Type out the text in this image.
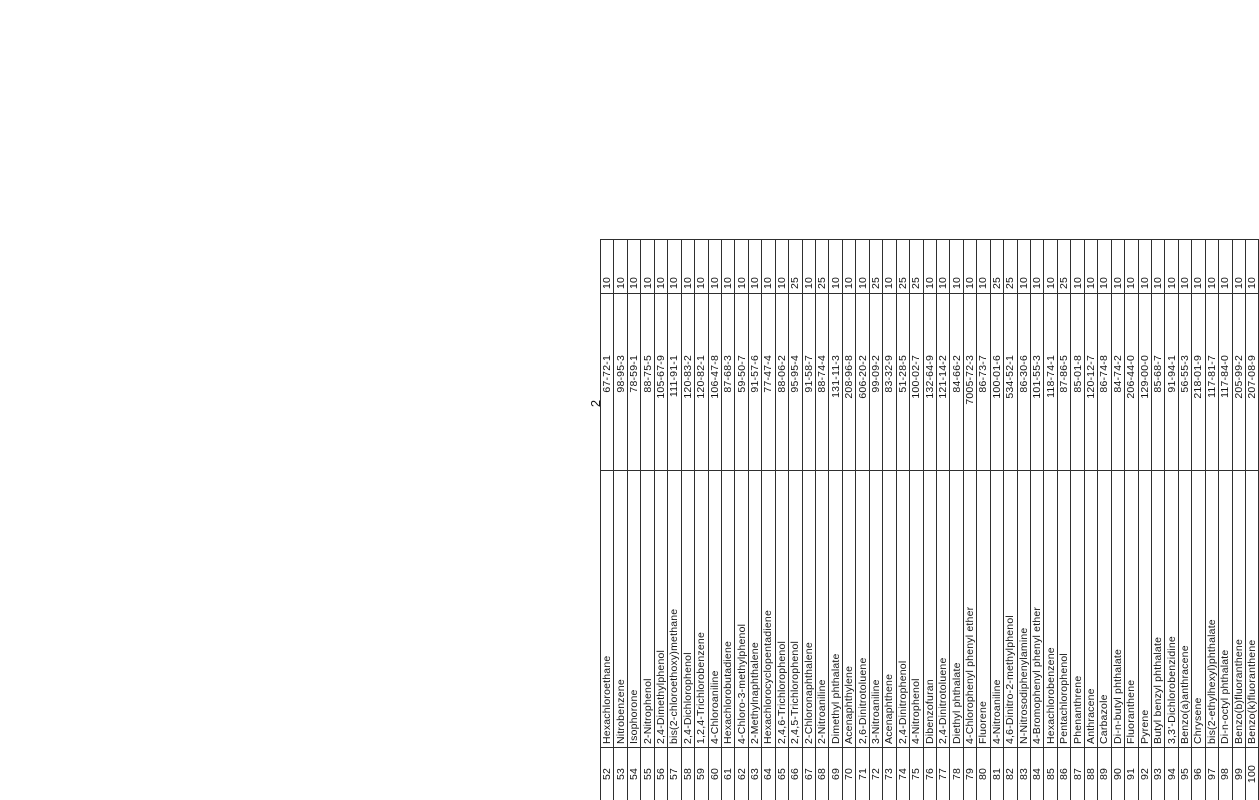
52	Hexachloroethane	67-72-1		10
53	Nitrobenzene	98-95-3		10
54	Isophorone	78-59-1		10
55	2-Nitrophenol	88-75-5		10
56	2,4-Dimethylphenol	105-67-9		10
57	bis(2-chloroethoxy)methane	111-91-1		10
58	2,4-Dichlorophenol	120-83-2		10
59	1,2,4-Trichlorobenzene	120-82-1		10
60	4-Chloroaniline	106-47-8		10
61	Hexachlorobutadiene	87-68-3		10
62	4-Chloro-3-methylphenol	59-50-7		10
63	2-Methylnaphthalene	91-57-6		10
64	Hexachlorocyclopentadiene	77-47-4		10
65	2,4,6-Trichlorophenol	88-06-2		10
66	2,4,5-Trichlorophenol	95-95-4		25
67	2-Chloronaphthalene	91-58-7		10
68	2-Nitroaniline	88-74-4		25
69	Dimethyl phthalate	131-11-3		10
70	Acenaphthylene	208-96-8		10
71	2,6-Dinitrotoluene	606-20-2		10
72	3-Nitroaniline	99-09-2		25
73	Acenaphthene	83-32-9		10
74	2,4-Dinitrophenol	51-28-5		25
75	4-Nitrophenol	100-02-7		25
76	Dibenzofuran	132-64-9		10
77	2,4-Dinitrotoluene	121-14-2		10
78	Diethyl phthalate	84-66-2		10
79	4-Chlorophenyl phenyl ether	7005-72-3		10
80	Fluorene	86-73-7		10
81	4-Nitroaniline	100-01-6		25
82	4,6-Dinitro-2-methylphenol	534-52-1		25
83	N-Nitrosodiphenylamine	86-30-6		10
84	4-Bromophenyl phenyl ether	101-55-3		10
85	Hexachlorobenzene	118-74-1		10
86	Pentachlorophenol	87-86-5		25
87	Phenanthrene	85-01-8		10
88	Anthracene	120-12-7		10
89	Carbazole	86-74-8		10
90	Di-n-butyl phthalate	84-74-2		10
91	Fluoranthene	206-44-0		10
92	Pyrene	129-00-0		10
93	Butyl benzyl phthalate	85-68-7		10
94	3,3'-Dichlorobenzidine	91-94-1		10
95	Benzo(a)anthracene	56-55-3		10
96	Chrysene	218-01-9		10
97	bis(2-ethylhexyl)phthalate	117-81-7		10
98	Di-n-octyl phthalate	117-84-0		10
99	Benzo(b)fluoranthene	205-99-2		10
100	Benzo(k)fluoranthene	207-08-9		10
2
